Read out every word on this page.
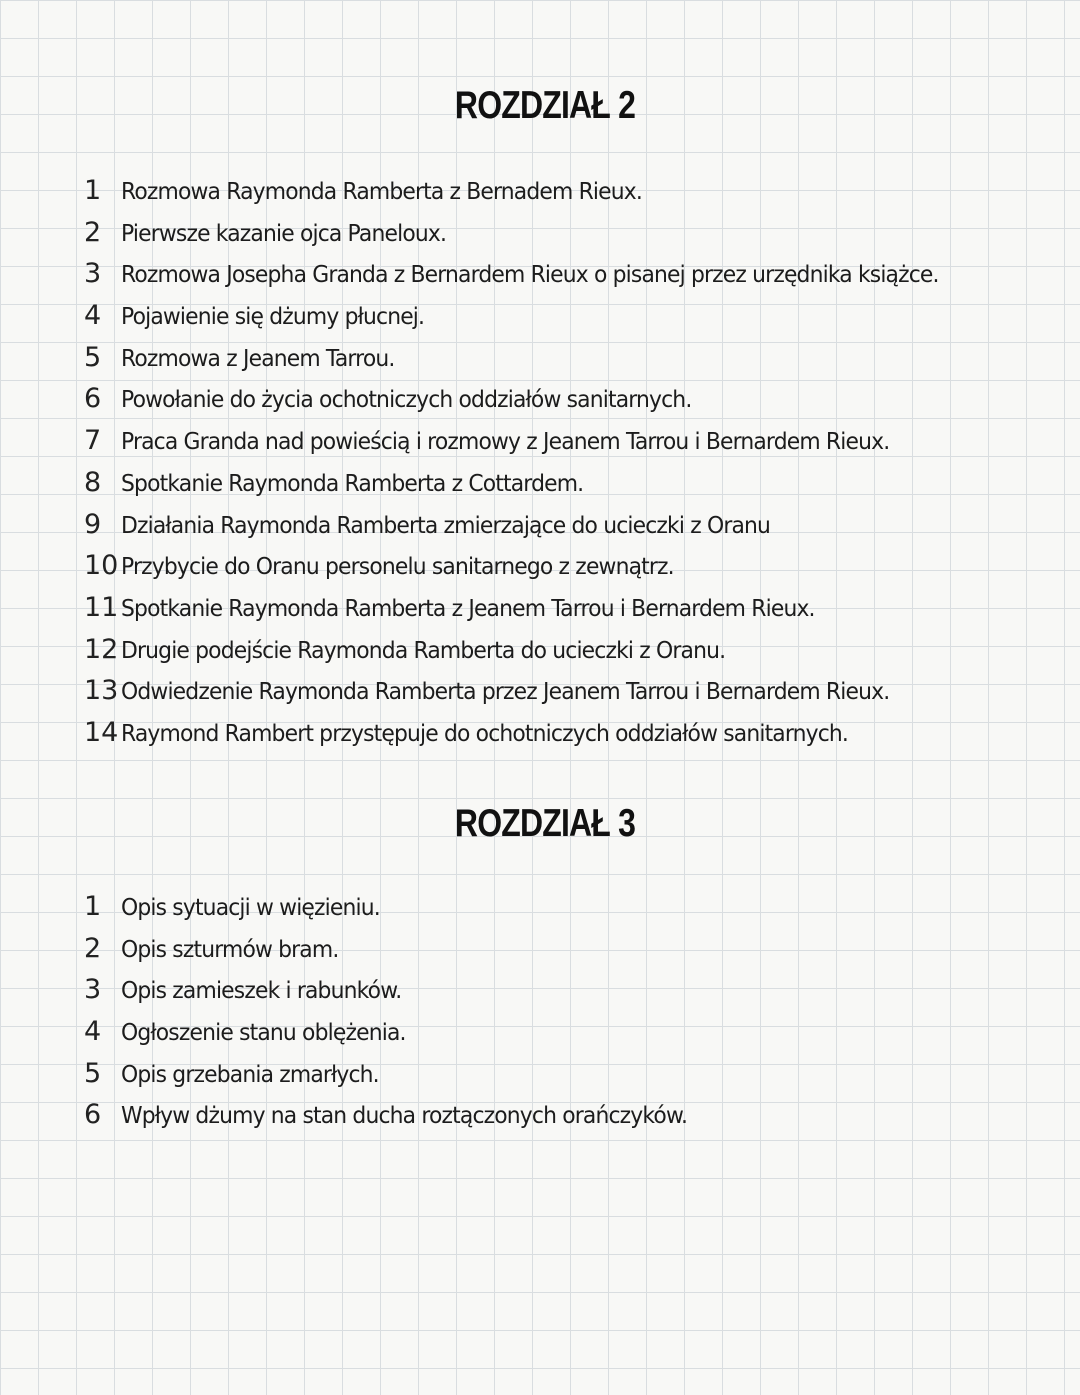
ROZDZIAŁ 2
1 Rozmowa Raymonda Ramberta z Bernadem Rieux.
2 Pierwsze kazanie ojca Paneloux.
3 Rozmowa Josepha Granda z Bernardem Rieux o pisanej przez urzędnika książce.
4 Pojawienie się dżumy płucnej.
5 Rozmowa z Jeanem Tarrou.
6 Powołanie do życia ochotniczych oddziałów sanitarnych.
7 Praca Granda nad powieścią i rozmowy z Jeanem Tarrou i Bernardem Rieux.
8 Spotkanie Raymonda Ramberta z Cottardem.
9 Działania Raymonda Ramberta zmierzające do ucieczki z Oranu
10 Przybycie do Oranu personelu sanitarnego z zewnątrz.
11 Spotkanie Raymonda Ramberta z Jeanem Tarrou i Bernardem Rieux.
12 Drugie podejście Raymonda Ramberta do ucieczki z Oranu.
13 Odwiedzenie Raymonda Ramberta przez Jeanem Tarrou i Bernardem Rieux.
14 Raymond Rambert przystępuje do ochotniczych oddziałów sanitarnych.
ROZDZIAŁ 3
1 Opis sytuacji w więzieniu.
2 Opis szturmów bram.
3 Opis zamieszek i rabunków.
4 Ogłoszenie stanu oblężenia.
5 Opis grzebania zmarłych.
6 Wpływ dżumy na stan ducha roztączonych orańczyków.
